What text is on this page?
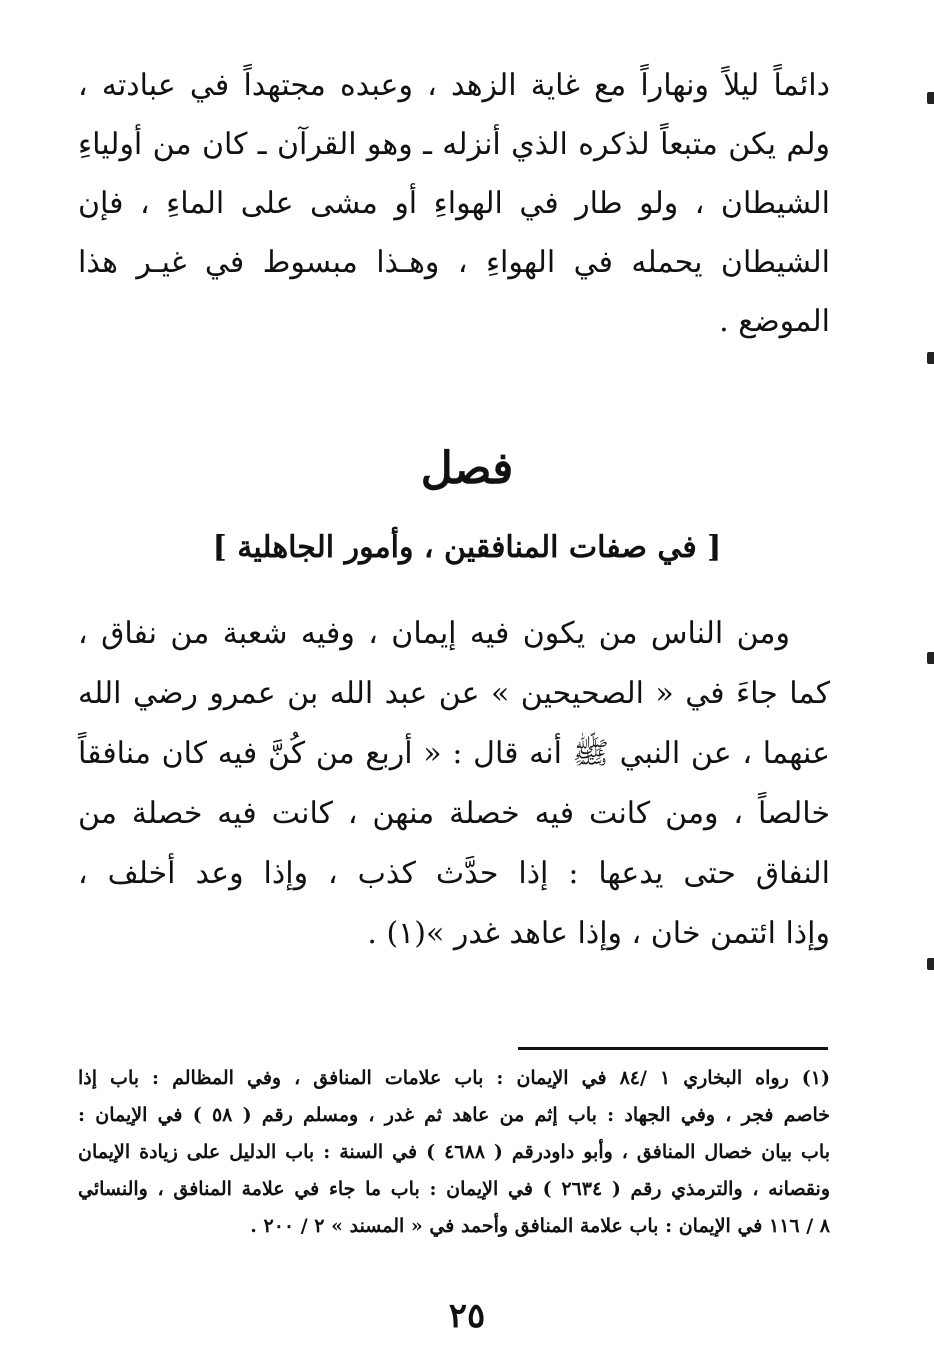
دائماً ليلاً ونهاراً مع غاية الزهد ، وعبده مجتهداً في عبادته ،
ولم يكن متبعاً لذكره الذي أنزله ـ وهو القرآن ـ كان من أولياءِ
الشيطان ، ولو طار في الهواءِ أو مشى على الماءِ ، فإن
الشيطان يحمله في الهواءِ ، وهـذا مبسوط في غيـر هذا
الموضع .
فصل
[ في صفات المنافقين ، وأمور الجاهلية ]
ومن الناس من يكون فيه إيمان ، وفيه شعبة من نفاق ،
كما جاءَ في « الصحيحين » عن عبد الله بن عمرو رضي الله
عنهما ، عن النبي ﷺ أنه قال : « أربع من كُنَّ فيه كان منافقاً
خالصاً ، ومن كانت فيه خصلة منهن ، كانت فيه خصلة من
النفاق حتى يدعها : إذا حدَّث كذب ، وإذا وعد أخلف ،
وإذا ائتمن خان ، وإذا عاهد غدر »(١) .
(١) رواه البخاري ١ /٨٤ في الإيمان : باب علامات المنافق ، وفي المظالم : باب إذا
خاصم فجر ، وفي الجهاد : باب إثم من عاهد ثم غدر ، ومسلم رقم ( ٥٨ ) في الإيمان :
باب بيان خصال المنافق ، وأبو داودرقم ( ٤٦٨٨ ) في السنة : باب الدليل على زيادة الإيمان
ونقصانه ، والترمذي رقم ( ٢٦٣٤ ) في الإيمان : باب ما جاء في علامة المنافق ، والنسائي
٨ / ١١٦ في الإيمان : باب علامة المنافق وأحمد في « المسند » ٢ / ٢٠٠ .
٢٥
